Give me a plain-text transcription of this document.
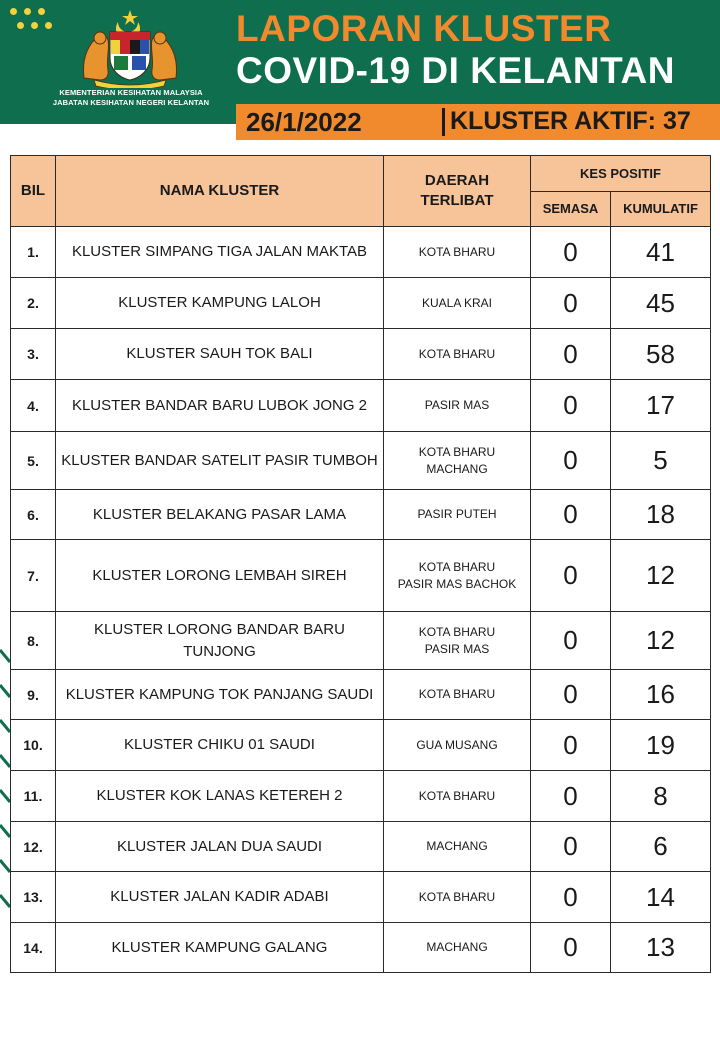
KEMENTERIAN KESIHATAN MALAYSIA
JABATAN KESIHATAN NEGERI KELANTAN
LAPORAN KLUSTER
COVID-19 DI KELANTAN
26/1/2022	KLUSTER AKTIF: 37
BIL	NAMA KLUSTER	DAERAH
TERLIBAT	KES POSITIF	
			SEMASA	KUMULATIF
1.	KLUSTER SIMPANG TIGA JALAN MAKTAB	KOTA BHARU	0	41
2.	KLUSTER KAMPUNG LALOH	KUALA KRAI	0	45
3.	KLUSTER SAUH TOK BALI	KOTA BHARU	0	58
4.	KLUSTER BANDAR BARU LUBOK JONG 2	PASIR MAS	0	17
5.	KLUSTER BANDAR SATELIT PASIR TUMBOH	KOTA BHARU
MACHANG	0	5
6.	KLUSTER BELAKANG PASAR LAMA	PASIR PUTEH	0	18
7.	KLUSTER LORONG LEMBAH SIREH	KOTA BHARU
PASIR MAS BACHOK	0	12
8.	KLUSTER LORONG BANDAR BARU TUNJONG	KOTA BHARU
PASIR MAS	0	12
9.	KLUSTER KAMPUNG TOK PANJANG SAUDI	KOTA BHARU	0	16
10.	KLUSTER CHIKU 01 SAUDI	GUA MUSANG	0	19
11.	KLUSTER KOK LANAS KETEREH 2	KOTA BHARU	0	8
12.	KLUSTER JALAN DUA SAUDI	MACHANG	0	6
13.	KLUSTER JALAN KADIR ADABI	KOTA BHARU	0	14
14.	KLUSTER KAMPUNG GALANG	MACHANG	0	13
